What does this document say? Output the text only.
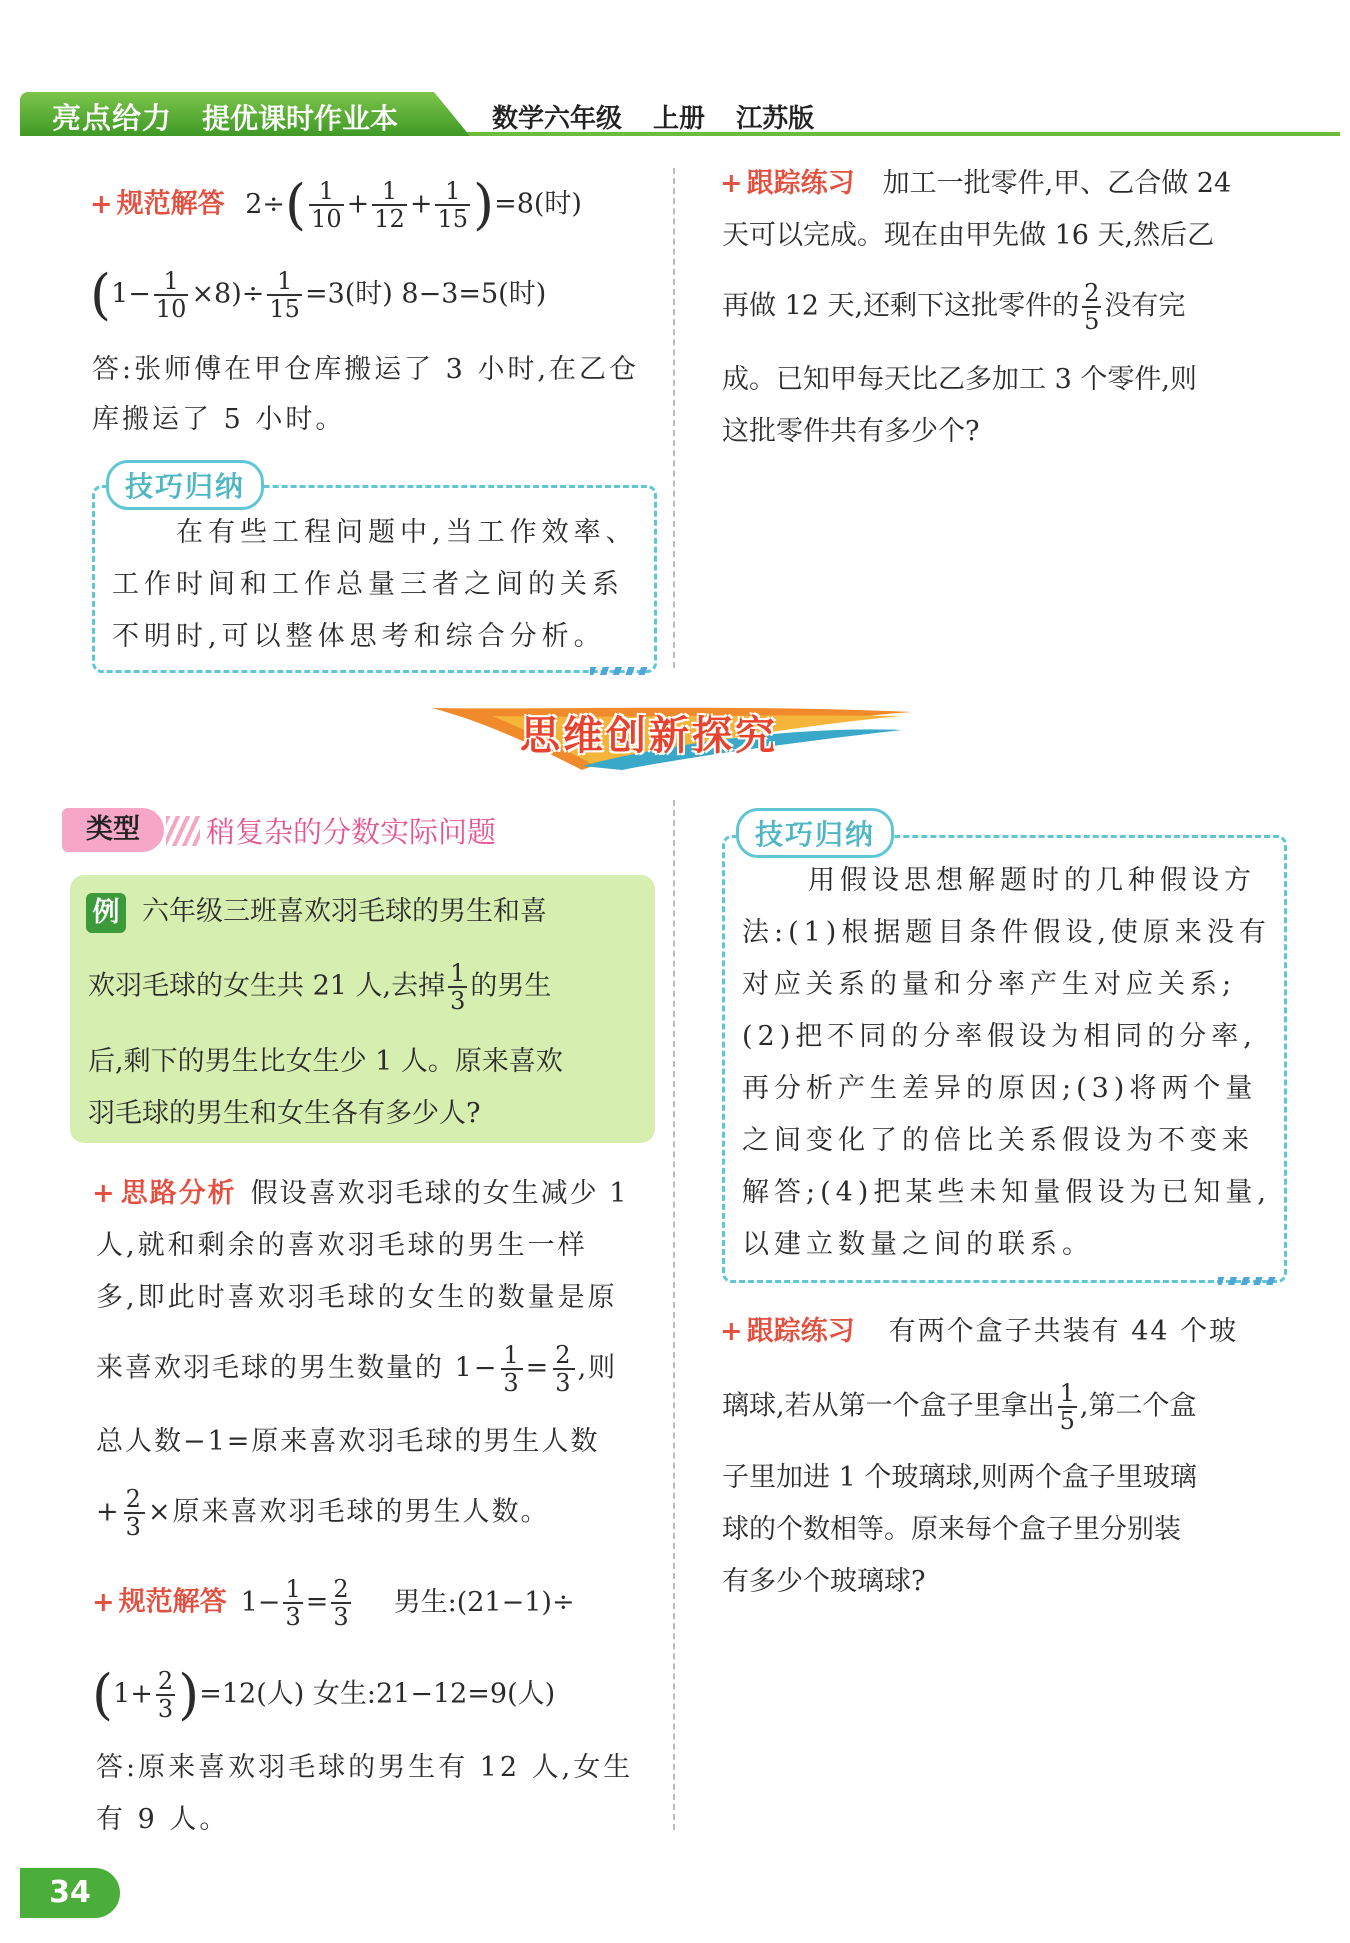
亮点给力 提优课时作业本	数学六年级 上册 江苏版
+ 规范解答 $2\div( \frac{1}{10} + \frac{1}{12} + \frac{1}{15} )=8$(时)
$(1- \frac{1}{10} \times 8)\div \frac{1}{15} =3$(时) 8−3=5(时)
答:张师傅在甲仓库搬运了 3 小时,在乙仓
库搬运了 5 小时。
技巧归纳
在有些工程问题中,当工作效率、
工作时间和工作总量三者之间的关系
不明时,可以整体思考和综合分析。
+ 跟踪练习 加工一批零件,甲、乙合做 24
天可以完成。现在由甲先做 16 天,然后乙
再做 12 天,还剩下这批零件的 $\frac{2}{5}$ 没有完
成。已知甲每天比乙多加工 3 个零件,则
这批零件共有多少个?
思维创新探究
类型	稍复杂的分数实际问题
例 六年级三班喜欢羽毛球的男生和喜
欢羽毛球的女生共 21 人,去掉 $\frac{1}{3}$ 的男生
后,剩下的男生比女生少 1 人。原来喜欢
羽毛球的男生和女生各有多少人?
+ 思路分析 假设喜欢羽毛球的女生减少 1
人,就和剩余的喜欢羽毛球的男生一样
多,即此时喜欢羽毛球的女生的数量是原
来喜欢羽毛球的男生数量的 $1- \frac{1}{3} = \frac{2}{3}$ ,则
总人数−1=原来喜欢羽毛球的男生人数
+ $\frac{2}{3}$ ×原来喜欢羽毛球的男生人数。
+ 规范解答 $1- \frac{1}{3} = \frac{2}{3}$ 男生:(21−1)÷
$(1+ \frac{2}{3} )=12$(人) 女生:21−12=9(人)
答:原来喜欢羽毛球的男生有 12 人,女生
有 9 人。
技巧归纳
用假设思想解题时的几种假设方
法:(1)根据题目条件假设,使原来没有
对应关系的量和分率产生对应关系;
(2)把不同的分率假设为相同的分率,
再分析产生差异的原因;(3)将两个量
之间变化了的倍比关系假设为不变来
解答;(4)把某些未知量假设为已知量,
以建立数量之间的联系。
+ 跟踪练习 有两个盒子共装有 44 个玻
璃球,若从第一个盒子里拿出 $\frac{1}{5}$ ,第二个盒
子里加进 1 个玻璃球,则两个盒子里玻璃
球的个数相等。原来每个盒子里分别装
有多少个玻璃球?
34
